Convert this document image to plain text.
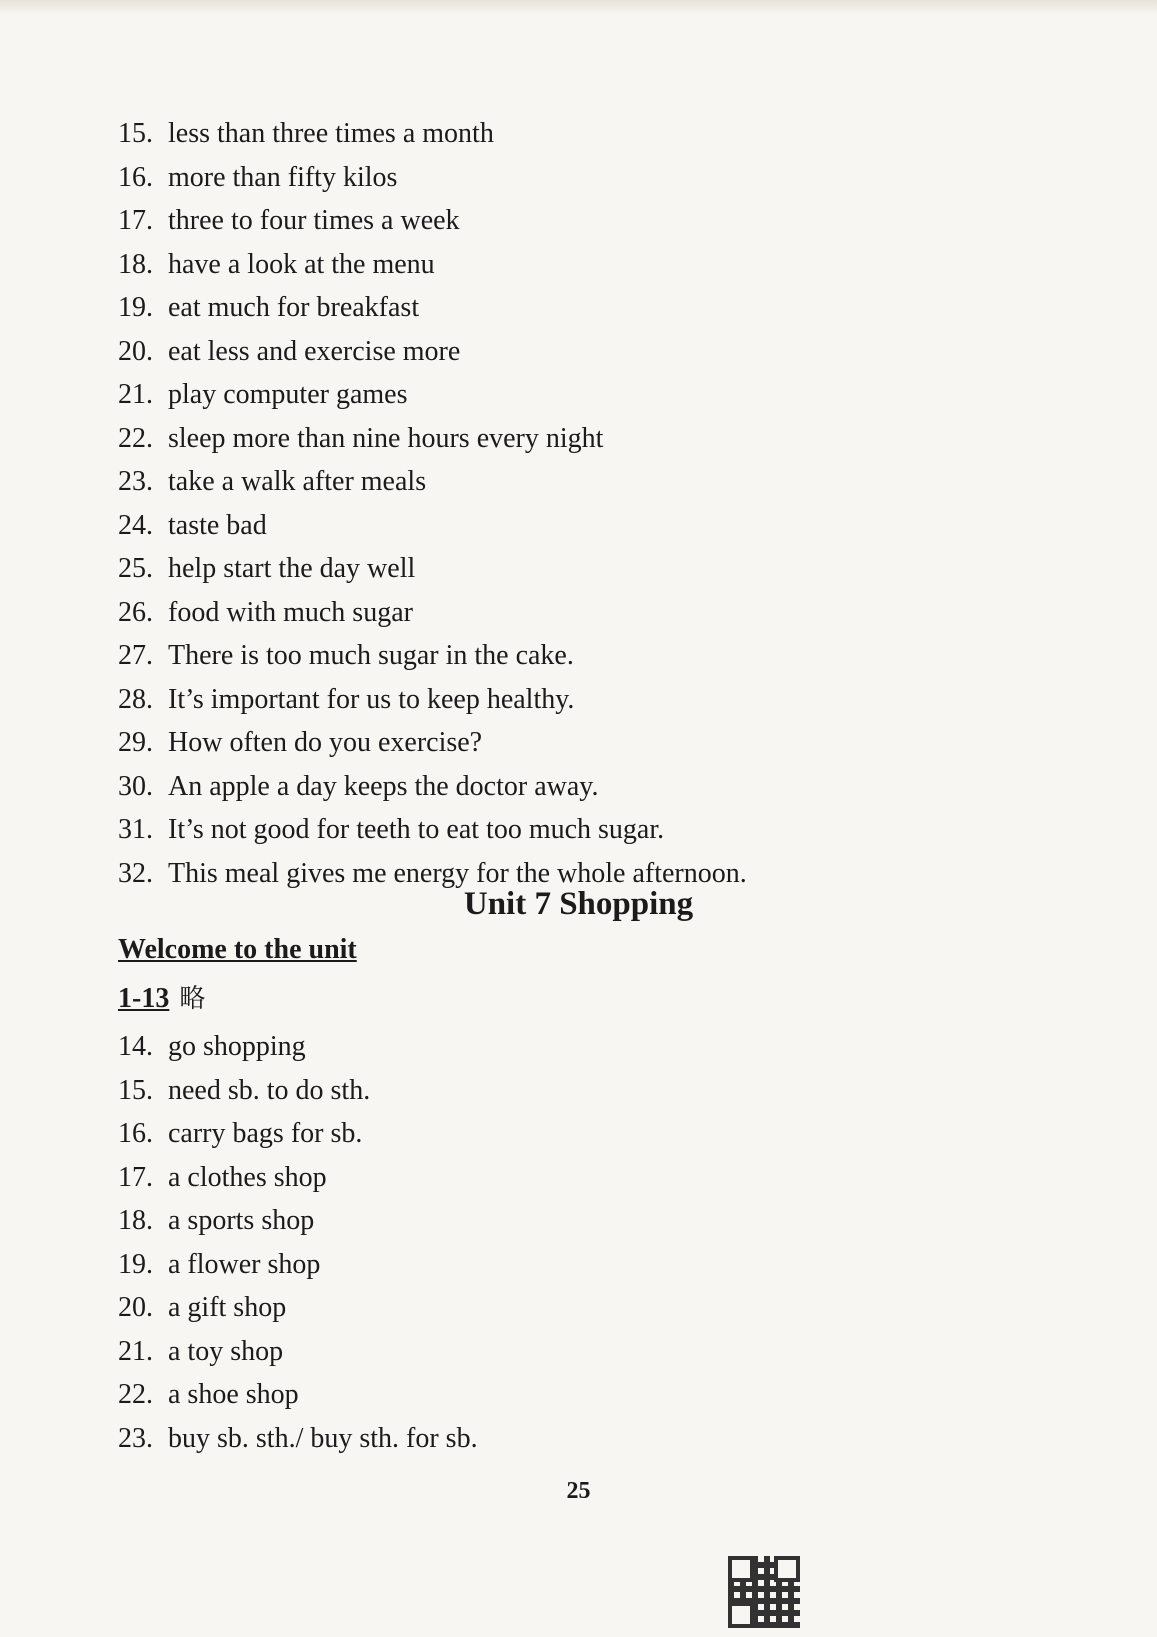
15. less than three times a month
16. more than fifty kilos
17. three to four times a week
18. have a look at the menu
19. eat much for breakfast
20. eat less and exercise more
21. play computer games
22. sleep more than nine hours every night
23. take a walk after meals
24. taste bad
25. help start the day well
26. food with much sugar
27. There is too much sugar in the cake.
28. It’s important for us to keep healthy.
29. How often do you exercise?
30. An apple a day keeps the doctor away.
31. It’s not good for teeth to eat too much sugar.
32. This meal gives me energy for the whole afternoon.
Unit 7 Shopping
Welcome to the unit
1-13 略
14. go shopping
15. need sb. to do sth.
16. carry bags for sb.
17. a clothes shop
18. a sports shop
19. a flower shop
20. a gift shop
21. a toy shop
22. a shoe shop
23. buy sb. sth./ buy sth. for sb.
25
